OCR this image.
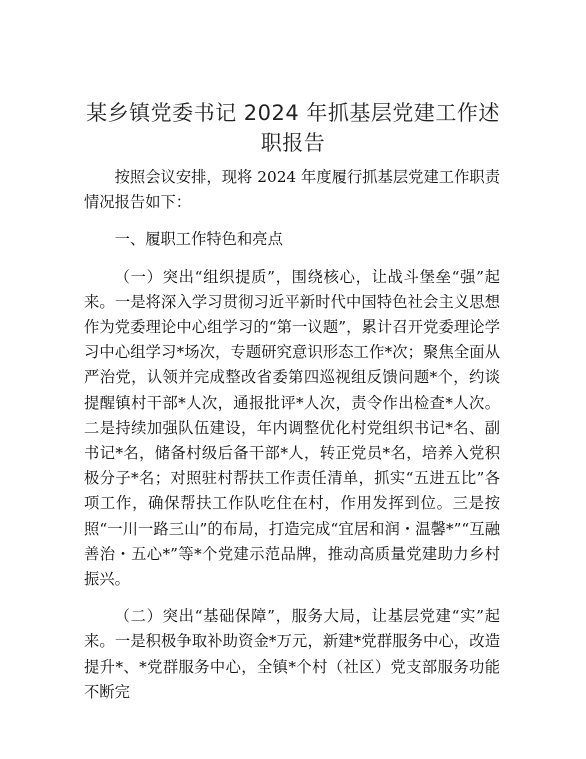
某乡镇党委书记 2024 年抓基层党建工作述职报告

按照会议安排，现将 2024 年度履行抓基层党建工作职责情况报告如下：

一、履职工作特色和亮点

（一）突出“组织提质”，围绕核心，让战斗堡垒“强”起来。一是将深入学习贯彻习近平新时代中国特色社会主义思想作为党委理论中心组学习的“第一议题”，累计召开党委理论学习中心组学习*场次，专题研究意识形态工作*次；聚焦全面从严治党，认领并完成整改省委第四巡视组反馈问题*个，约谈提醒镇村干部*人次，通报批评*人次，责令作出检查*人次。二是持续加强队伍建设，年内调整优化村党组织书记*名、副书记*名，储备村级后备干部*人，转正党员*名，培养入党积极分子*名；对照驻村帮扶工作责任清单，抓实“五进五比”各项工作，确保帮扶工作队吃住在村，作用发挥到位。三是按照“一川一路三山”的布局，打造完成“宜居和润・温馨*”“互融善治・五心*”等*个党建示范品牌，推动高质量党建助力乡村振兴。

（二）突出“基础保障”，服务大局，让基层党建“实”起来。一是积极争取补助资金*万元，新建*党群服务中心，改造提升*、*党群服务中心，全镇*个村（社区）党支部服务功能不断完
